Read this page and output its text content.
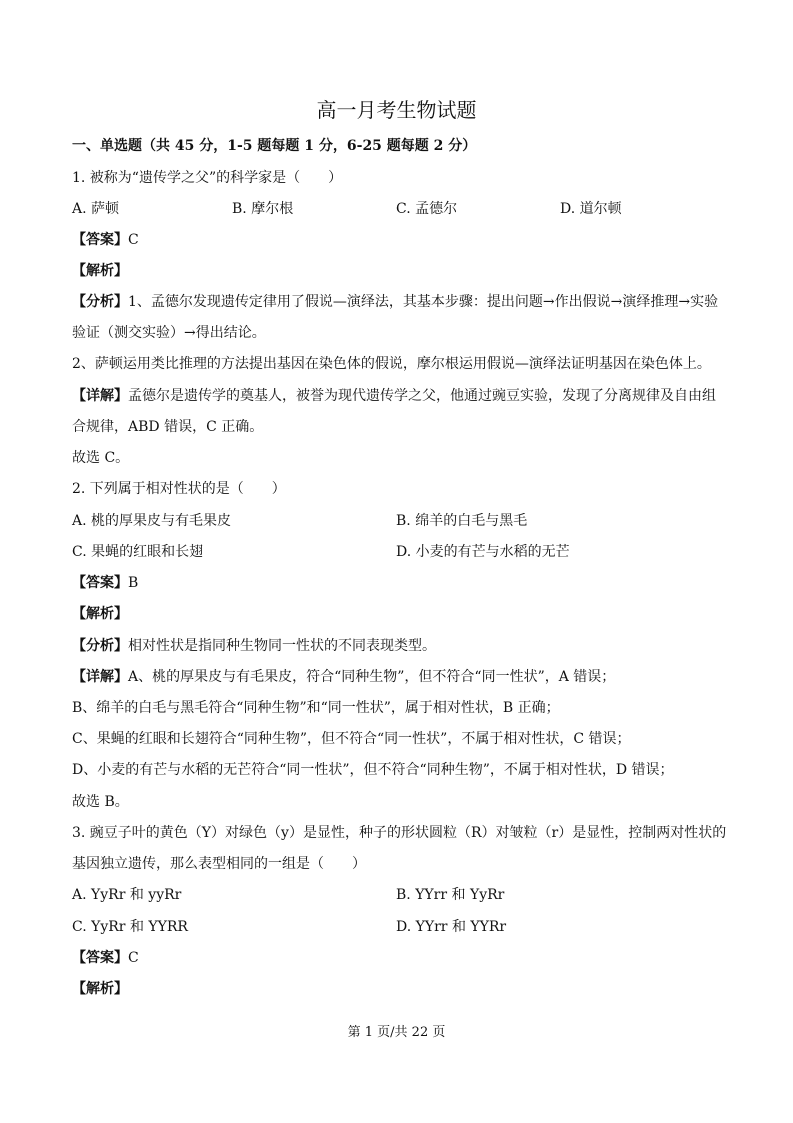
高一月考生物试题
一、单选题（共 45 分，1-5 题每题 1 分，6-25 题每题 2 分）
1. 被称为“遗传学之父”的科学家是（　　）
A. 萨顿	B. 摩尔根	C. 孟德尔	D. 道尔顿
【答案】C
【解析】
【分析】1、孟德尔发现遗传定律用了假说—演绎法，其基本步骤：提出问题→作出假说→演绎推理→实验
验证（测交实验）→得出结论。
2、萨顿运用类比推理的方法提出基因在染色体的假说，摩尔根运用假说—演绎法证明基因在染色体上。
【详解】孟德尔是遗传学的奠基人，被誉为现代遗传学之父，他通过豌豆实验，发现了分离规律及自由组
合规律，ABD 错误，C 正确。
故选 C。
2. 下列属于相对性状的是（　　）
A. 桃的厚果皮与有毛果皮	B. 绵羊的白毛与黑毛
C. 果蝇的红眼和长翅	D. 小麦的有芒与水稻的无芒
【答案】B
【解析】
【分析】相对性状是指同种生物同一性状的不同表现类型。
【详解】A、桃的厚果皮与有毛果皮，符合“同种生物”，但不符合“同一性状”，A 错误；
B、绵羊的白毛与黑毛符合“同种生物”和“同一性状”，属于相对性状，B 正确；
C、果蝇的红眼和长翅符合“同种生物”，但不符合“同一性状”，不属于相对性状，C 错误；
D、小麦的有芒与水稻的无芒符合“同一性状”，但不符合“同种生物”，不属于相对性状，D 错误；
故选 B。
3. 豌豆子叶的黄色（Y）对绿色（y）是显性，种子的形状圆粒（R）对皱粒（r）是显性，控制两对性状的
基因独立遗传，那么表型相同的一组是（　　）
A. YyRr 和 yyRr	B. YYrr 和 YyRr
C. YyRr 和 YYRR	D. YYrr 和 YYRr
【答案】C
【解析】
第 1 页/共 22 页
